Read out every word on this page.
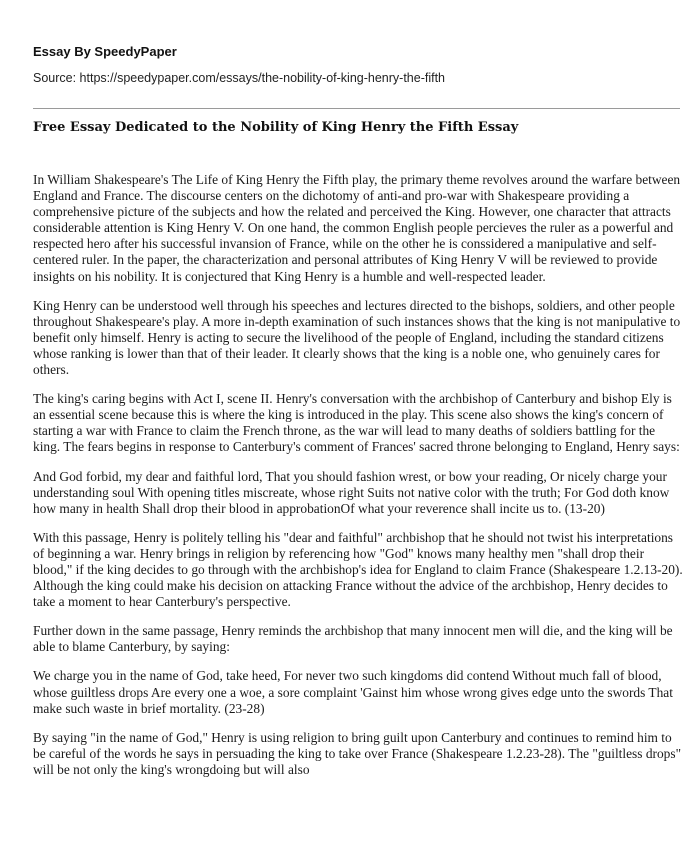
Essay By SpeedyPaper
Source: https://speedypaper.com/essays/the-nobility-of-king-henry-the-fifth
Free Essay Dedicated to the Nobility of King Henry the Fifth Essay

In William Shakespeare's The Life of King Henry the Fifth play, the primary theme revolves around the warfare between England and France. The discourse centers on the dichotomy of anti-and pro-war with Shakespeare providing a comprehensive picture of the subjects and how the related and perceived the King. However, one character that attracts considerable attention is King Henry V. On one hand, the common English people percieves the ruler as a powerful and respected hero after his successful invansion of France, while on the other he is conssidered a manipulative and self-centered ruler. In the paper, the characterization and personal attributes of King Henry V will be reviewed to provide insights on his nobility. It is conjectured that King Henry is a humble and well-respected leader.

King Henry can be understood well through his speeches and lectures directed to the bishops, soldiers, and other people throughout Shakespeare's play. A more in-depth examination of such instances shows that the king is not manipulative to benefit only himself. Henry is acting to secure the livelihood of the people of England, including the standard citizens whose ranking is lower than that of their leader. It clearly shows that the king is a noble one, who genuinely cares for others.

The king's caring begins with Act I, scene II. Henry's conversation with the archbishop of Canterbury and bishop Ely is an essential scene because this is where the king is introduced in the play. This scene also shows the king's concern of starting a war with France to claim the French throne, as the war will lead to many deaths of soldiers battling for the king. The fears begins in response to Canterbury's comment of Frances' sacred throne belonging to England, Henry says:

And God forbid, my dear and faithful lord, That you should fashion wrest, or bow your reading, Or nicely charge your understanding soul With opening titles miscreate, whose right Suits not native color with the truth; For God doth know how many in health Shall drop their blood in approbationOf what your reverence shall incite us to. (13-20)

With this passage, Henry is politely telling his "dear and faithful" archbishop that he should not twist his interpretations of beginning a war. Henry brings in religion by referencing how "God" knows many healthy men "shall drop their blood," if the king decides to go through with the archbishop's idea for England to claim France (Shakespeare 1.2.13-20). Although the king could make his decision on attacking France without the advice of the archbishop, Henry decides to take a moment to hear Canterbury's perspective.

Further down in the same passage, Henry reminds the archbishop that many innocent men will die, and the king will be able to blame Canterbury, by saying:

We charge you in the name of God, take heed, For never two such kingdoms did contend Without much fall of blood, whose guiltless drops Are every one a woe, a sore complaint 'Gainst him whose wrong gives edge unto the swords That make such waste in brief mortality. (23-28)

By saying "in the name of God," Henry is using religion to bring guilt upon Canterbury and continues to remind him to be careful of the words he says in persuading the king to take over France (Shakespeare 1.2.23-28). The "guiltless drops" will be not only the king's wrongdoing but will also
